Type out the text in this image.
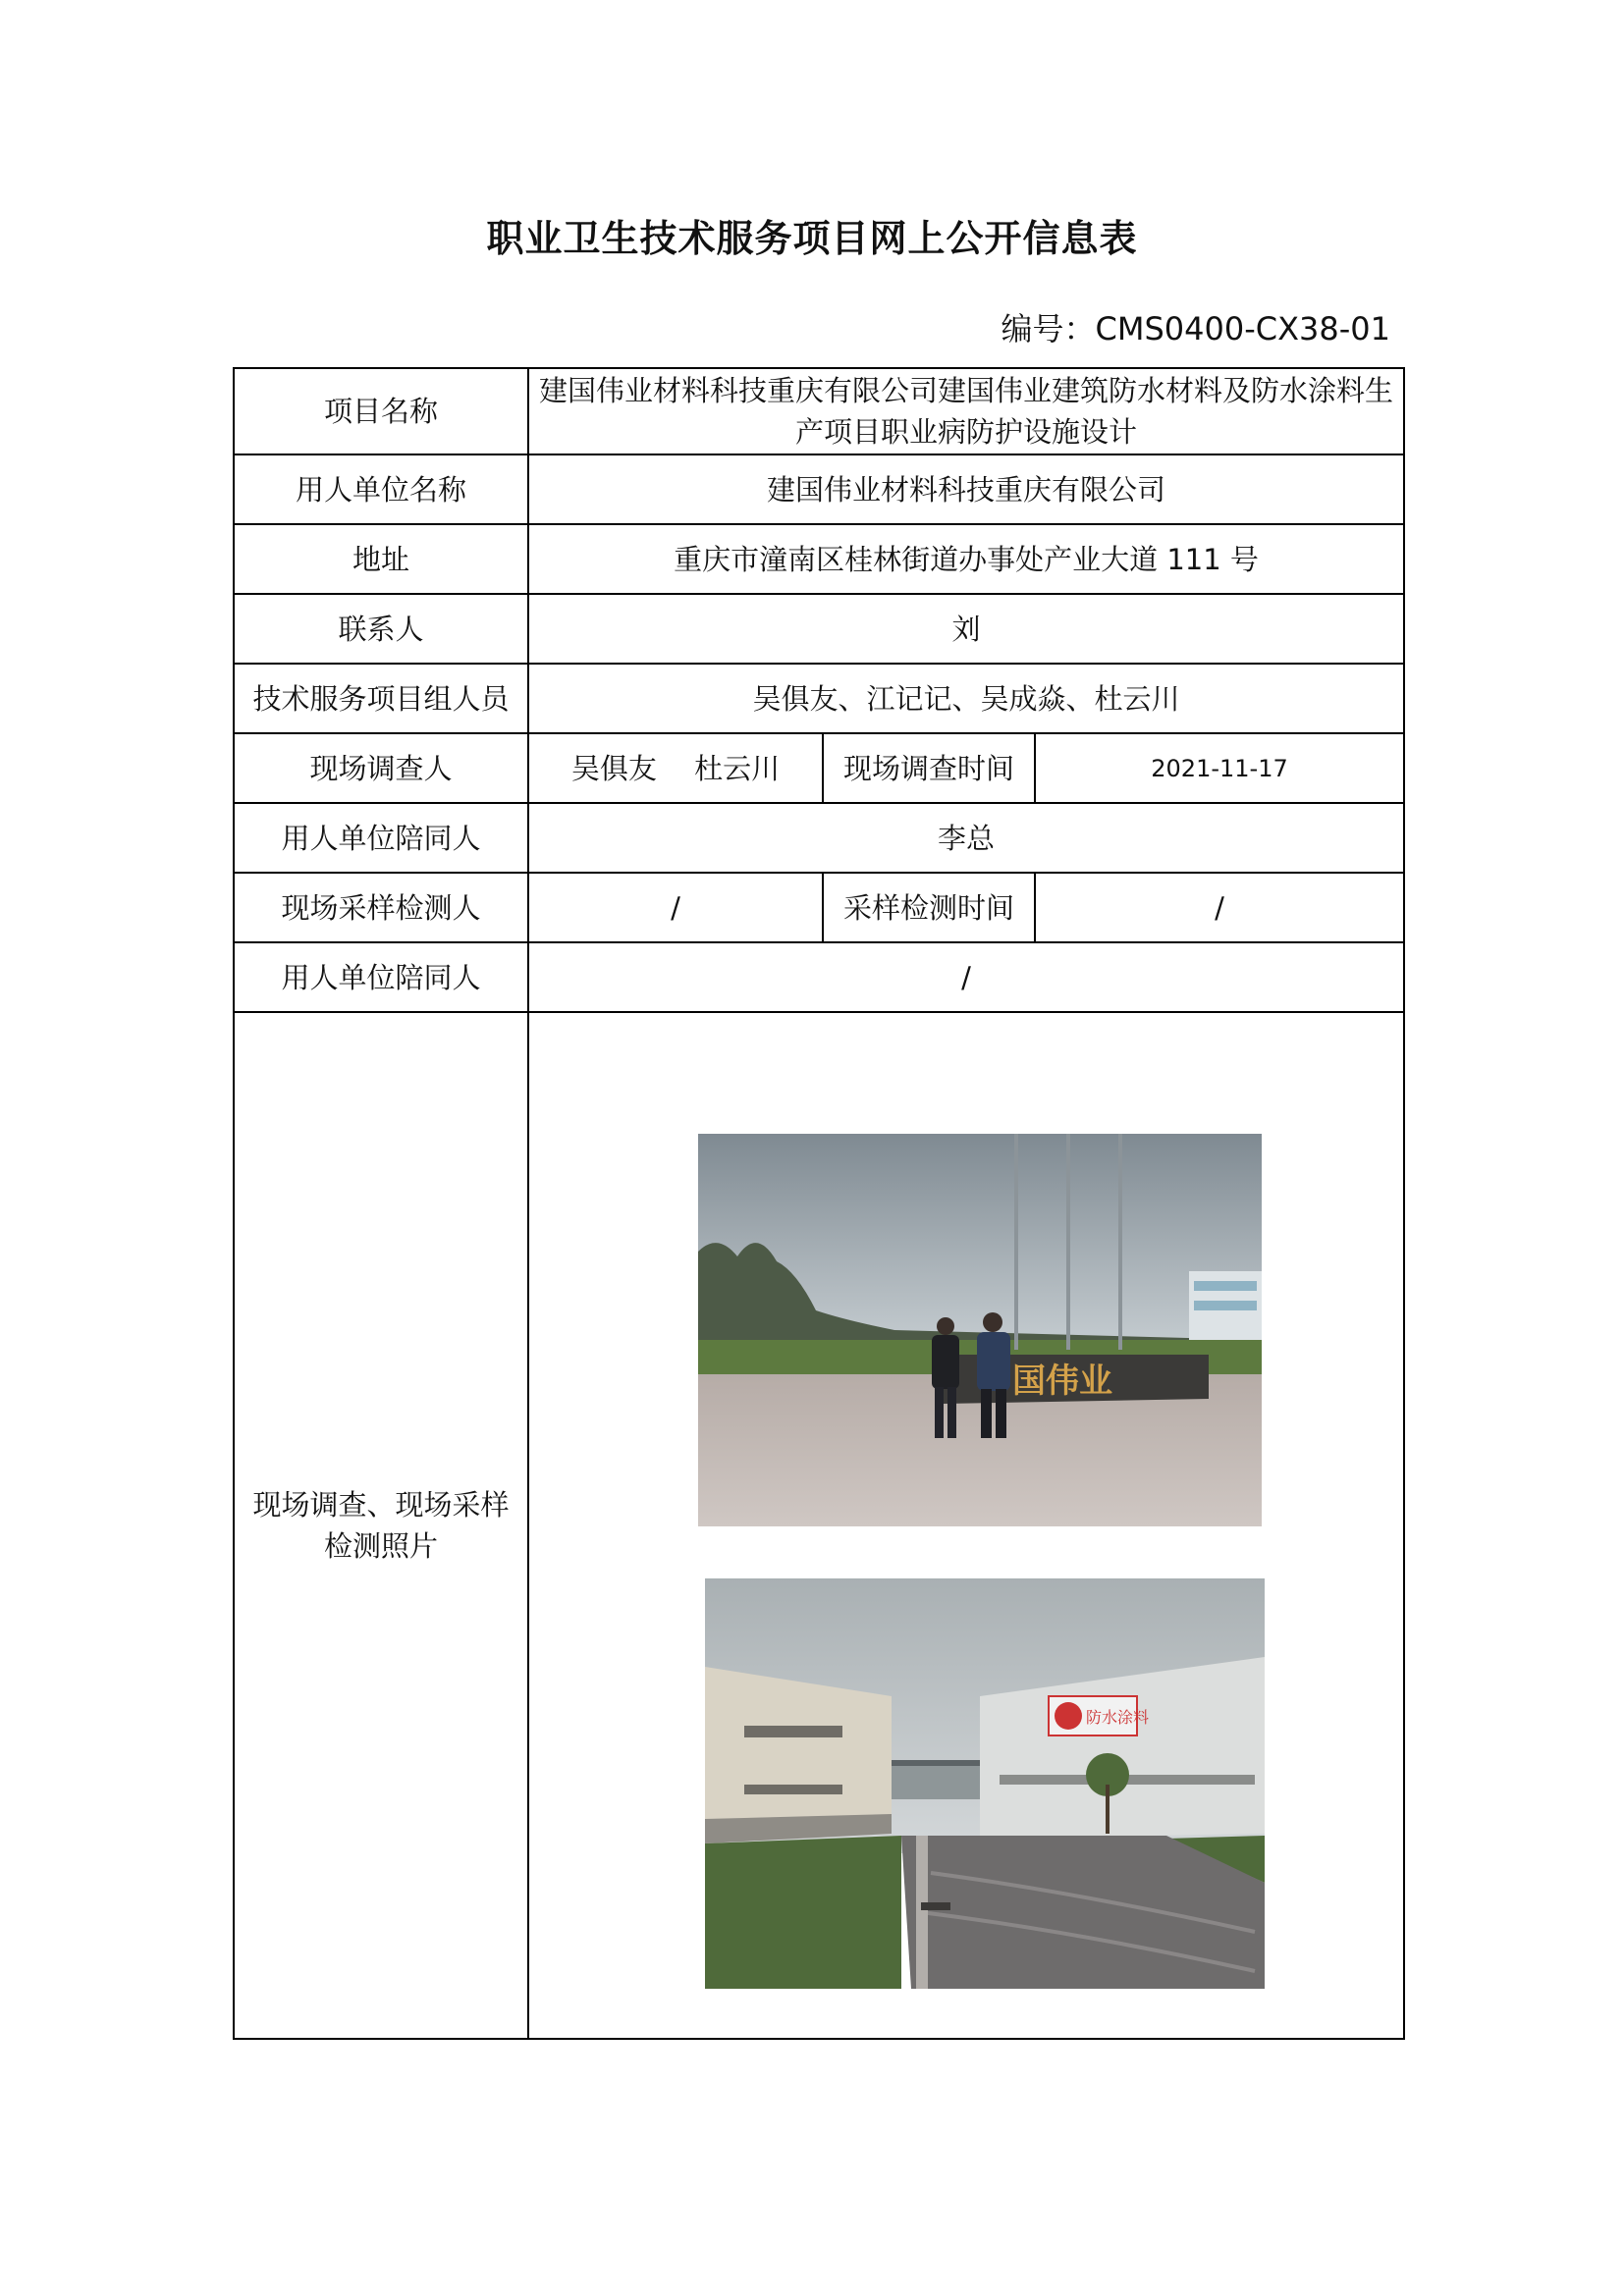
职业卫生技术服务项目网上公开信息表
编号：CMS0400-CX38-01
项目名称	建国伟业材料科技重庆有限公司建国伟业建筑防水材料及防水涂料生产项目职业病防护设施设计		
用人单位名称	建国伟业材料科技重庆有限公司		
地址	重庆市潼南区桂林街道办事处产业大道 111 号		
联系人	刘		
技术服务项目组人员	吴俱友、江记记、吴成焱、杜云川		
现场调查人	吴俱友　 杜云川	现场调查时间	2021-11-17
用人单位陪同人	李总		
现场采样检测人	/	采样检测时间	/
用人单位陪同人	/		
现场调查、现场采样检测照片	国伟业
防水涂料		
